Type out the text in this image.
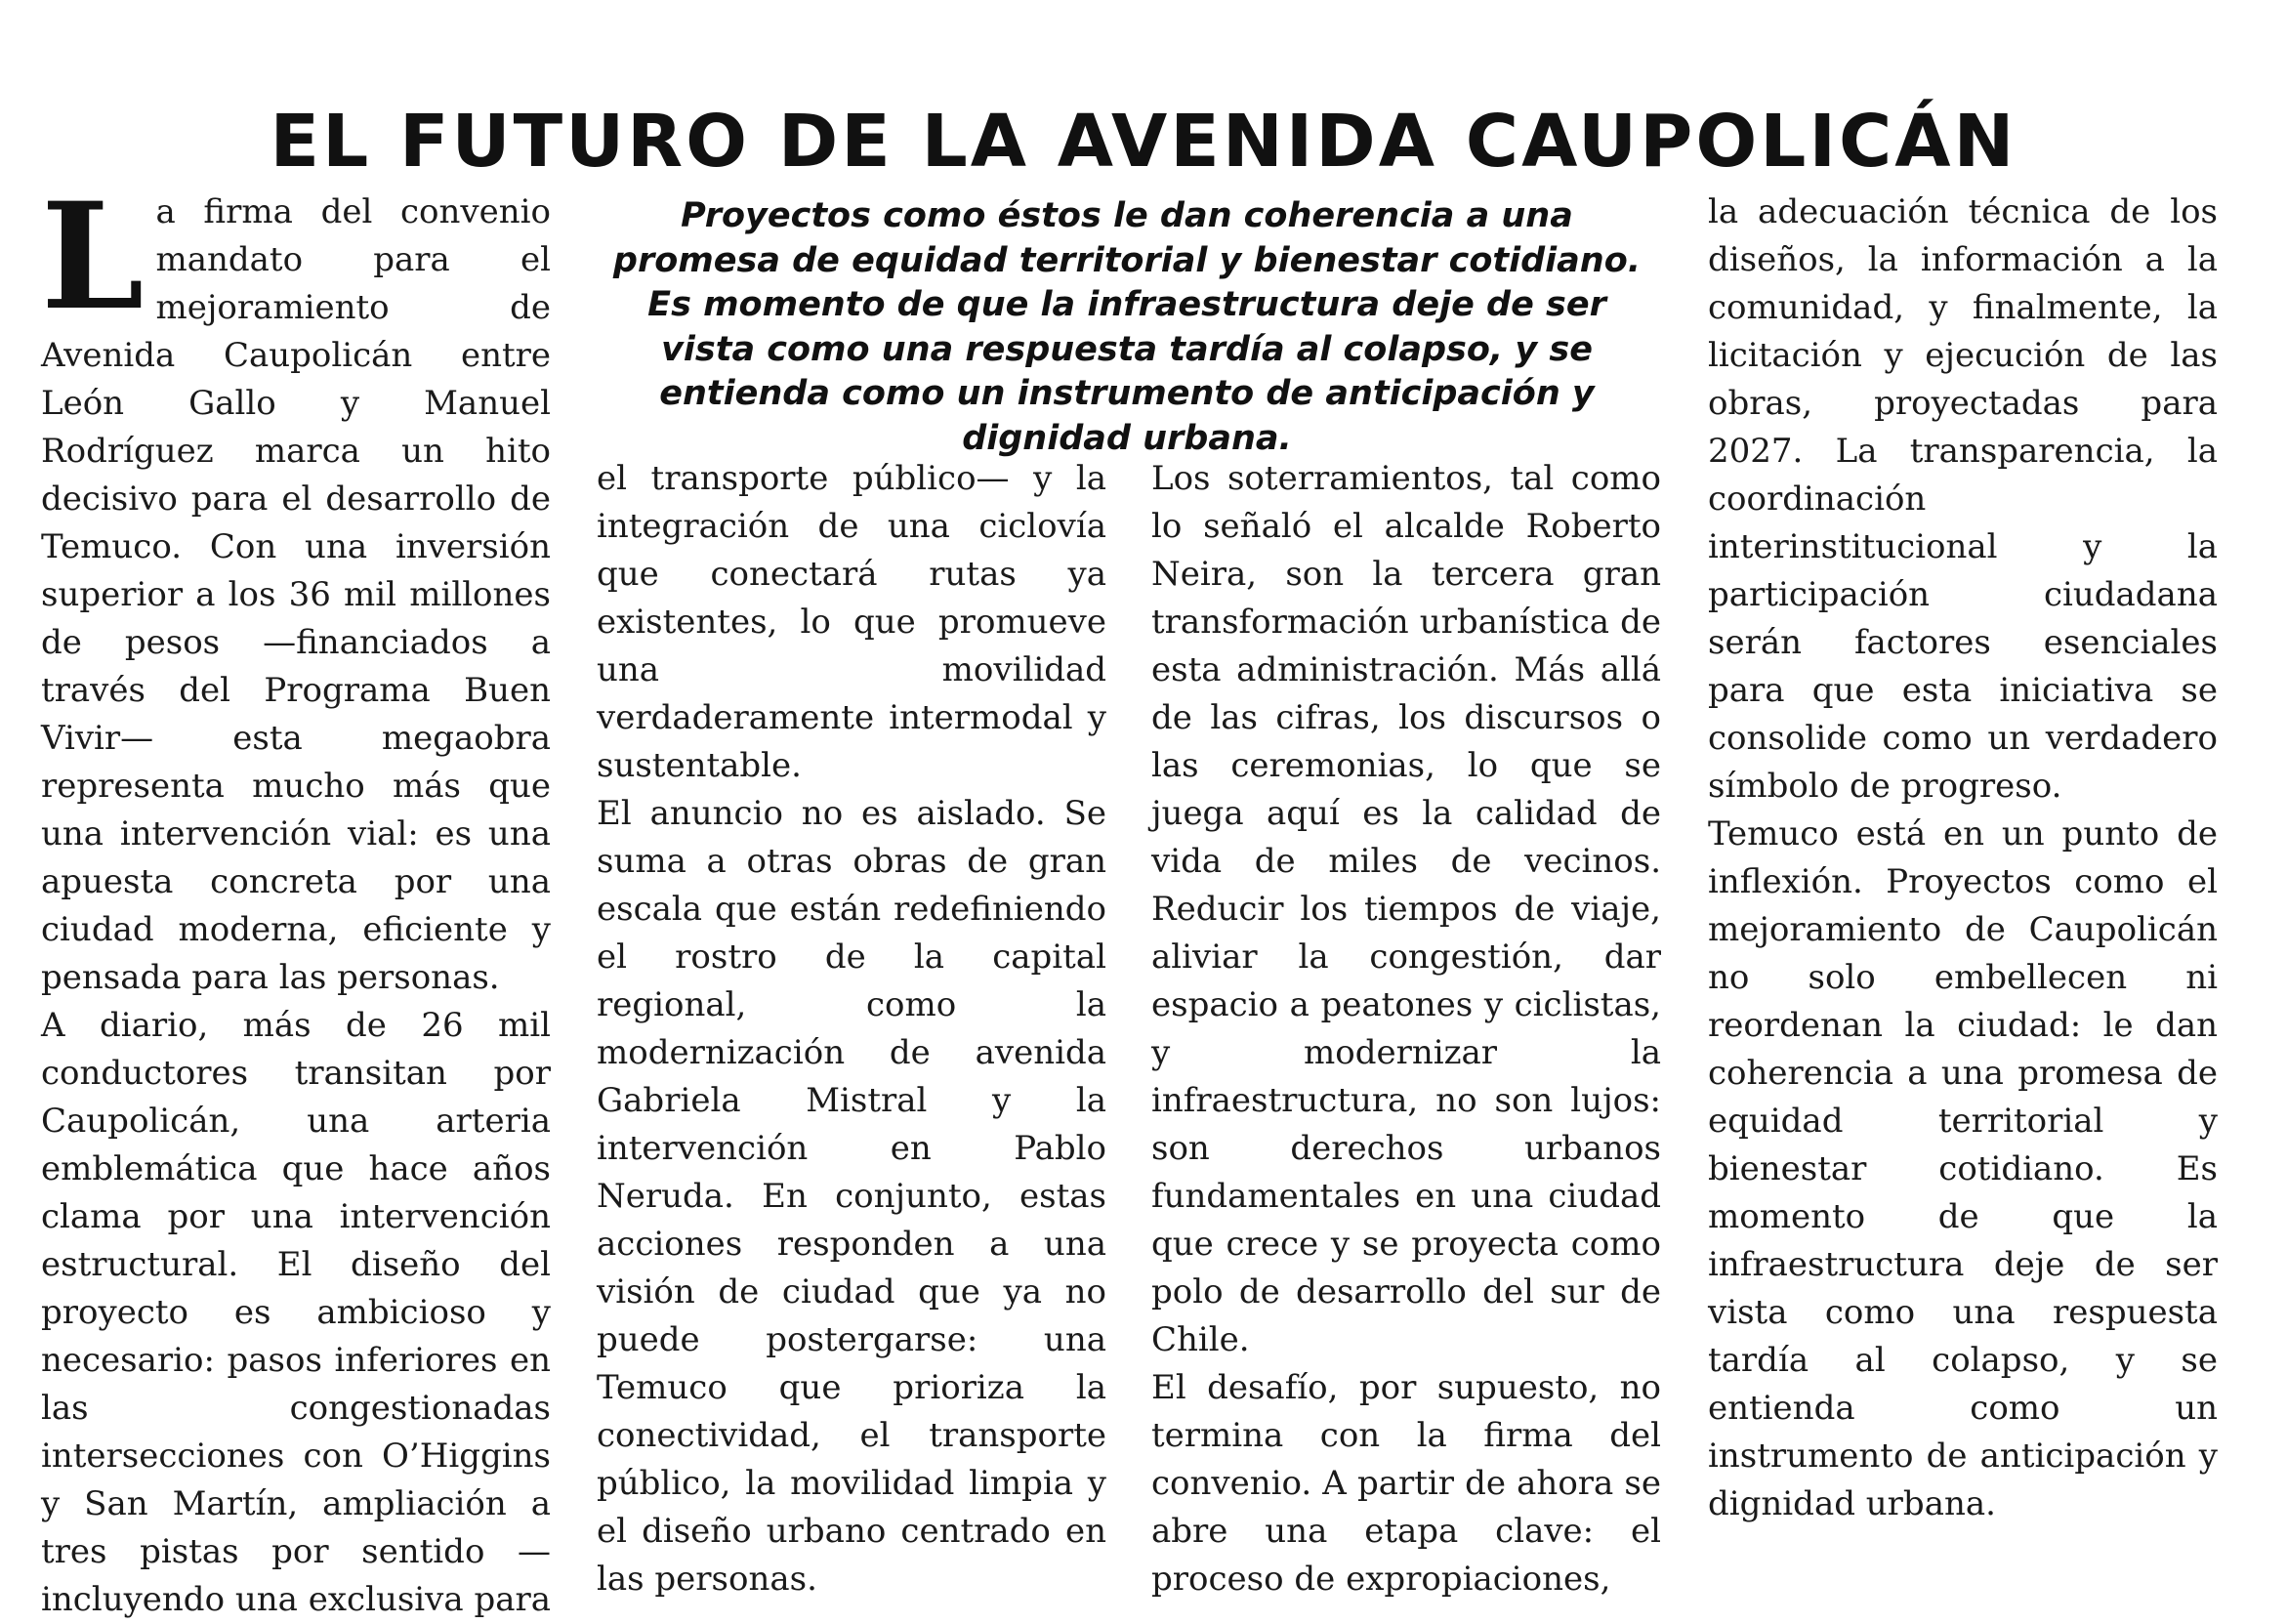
EL FUTURO DE LA AVENIDA CAUPOLICÁN

La firma del convenio mandato para el mejoramiento de Avenida Caupolicán entre León Gallo y Manuel Rodríguez marca un hito decisivo para el desarrollo de Temuco. Con una inversión superior a los 36 mil millones de pesos —financiados a través del Programa Buen Vivir— esta megaobra representa mucho más que una intervención vial: es una apuesta concreta por una ciudad moderna, eficiente y pensada para las personas.

A diario, más de 26 mil conductores transitan por Caupolicán, una arteria emblemática que hace años clama por una intervención estructural. El diseño del proyecto es ambicioso y necesario: pasos inferiores en las congestionadas intersecciones con O’Higgins y San Martín, ampliación a tres pistas por sentido —incluyendo una exclusiva para

Proyectos como éstos le dan coherencia a una promesa de equidad territorial y bienestar cotidiano. Es momento de que la infraestructura deje de ser vista como una respuesta tardía al colapso, y se entienda como un instrumento de anticipación y dignidad urbana.

el transporte público— y la integración de una ciclovía que conectará rutas ya existentes, lo que promueve una movilidad verdaderamente intermodal y sustentable.

El anuncio no es aislado. Se suma a otras obras de gran escala que están redefiniendo el rostro de la capital regional, como la modernización de avenida Gabriela Mistral y la intervención en Pablo Neruda. En conjunto, estas acciones responden a una visión de ciudad que ya no puede postergarse: una Temuco que prioriza la conectividad, el transporte público, la movilidad limpia y el diseño urbano centrado en las personas.

Los soterramientos, tal como lo señaló el alcalde Roberto Neira, son la tercera gran transformación urbanística de esta administración. Más allá de las cifras, los discursos o las ceremonias, lo que se juega aquí es la calidad de vida de miles de vecinos. Reducir los tiempos de viaje, aliviar la congestión, dar espacio a peatones y ciclistas, y modernizar la infraestructura, no son lujos: son derechos urbanos fundamentales en una ciudad que crece y se proyecta como polo de desarrollo del sur de Chile.

El desafío, por supuesto, no termina con la firma del convenio. A partir de ahora se abre una etapa clave: el proceso de expropiaciones,

la adecuación técnica de los diseños, la información a la comunidad, y finalmente, la licitación y ejecución de las obras, proyectadas para 2027. La transparencia, la coordinación interinstitucional y la participación ciudadana serán factores esenciales para que esta iniciativa se consolide como un verdadero símbolo de progreso.

Temuco está en un punto de inflexión. Proyectos como el mejoramiento de Caupolicán no solo embellecen ni reordenan la ciudad: le dan coherencia a una promesa de equidad territorial y bienestar cotidiano. Es momento de que la infraestructura deje de ser vista como una respuesta tardía al colapso, y se entienda como un instrumento de anticipación y dignidad urbana.
